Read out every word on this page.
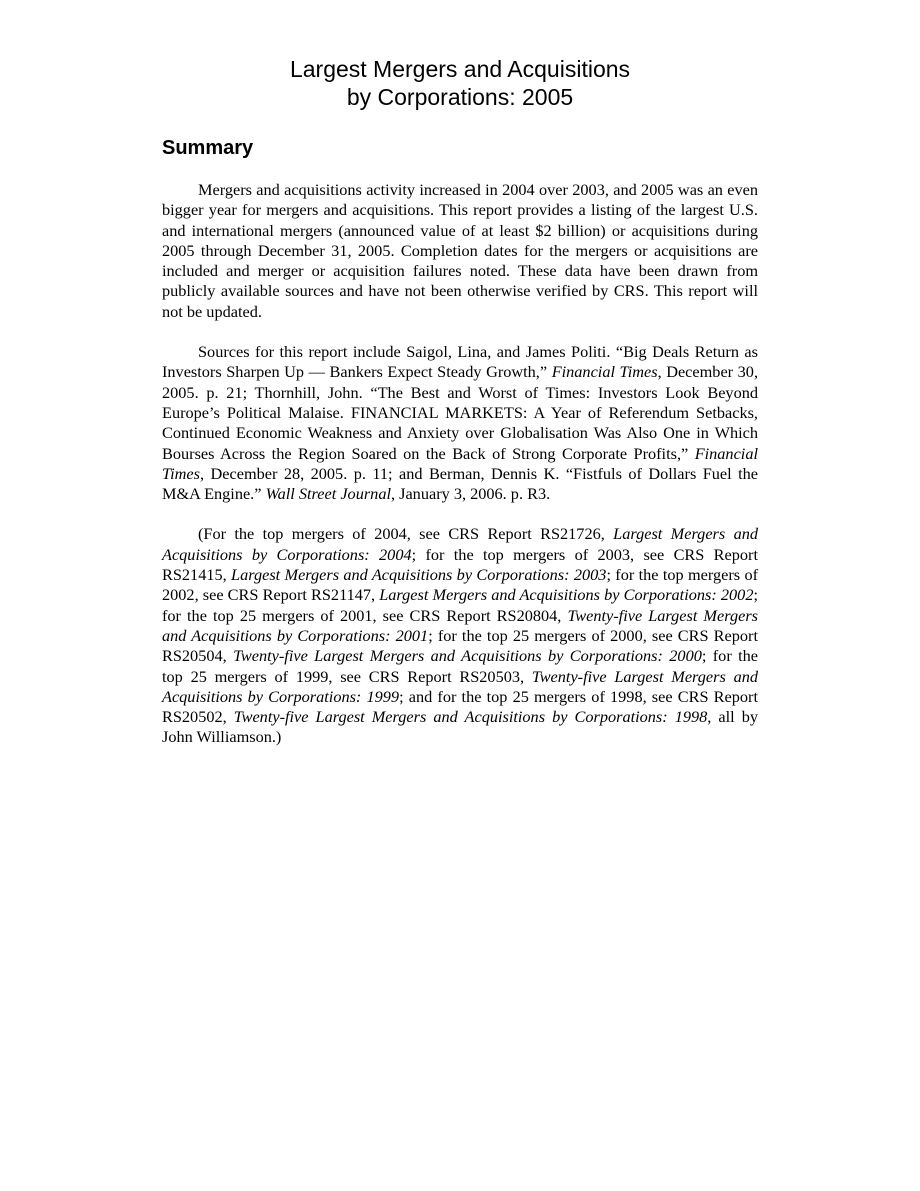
Largest Mergers and Acquisitions
by Corporations: 2005
Summary

Mergers and acquisitions activity increased in 2004 over 2003, and 2005 was an even bigger year for mergers and acquisitions. This report provides a listing of the largest U.S. and international mergers (announced value of at least $2 billion) or acquisitions during 2005 through December 31, 2005. Completion dates for the mergers or acquisitions are included and merger or acquisition failures noted. These data have been drawn from publicly available sources and have not been otherwise verified by CRS. This report will not be updated.

Sources for this report include Saigol, Lina, and James Politi. “Big Deals Return as Investors Sharpen Up — Bankers Expect Steady Growth,” Financial Times, December 30, 2005. p. 21; Thornhill, John. “The Best and Worst of Times: Investors Look Beyond Europe’s Political Malaise. FINANCIAL MARKETS: A Year of Referendum Setbacks, Continued Economic Weakness and Anxiety over Globalisation Was Also One in Which Bourses Across the Region Soared on the Back of Strong Corporate Profits,” Financial Times, December 28, 2005. p. 11; and Berman, Dennis K. “Fistfuls of Dollars Fuel the M&A Engine.” Wall Street Journal, January 3, 2006. p. R3.

(For the top mergers of 2004, see CRS Report RS21726, Largest Mergers and Acquisitions by Corporations: 2004; for the top mergers of 2003, see CRS Report RS21415, Largest Mergers and Acquisitions by Corporations: 2003; for the top mergers of 2002, see CRS Report RS21147, Largest Mergers and Acquisitions by Corporations: 2002; for the top 25 mergers of 2001, see CRS Report RS20804, Twenty-five Largest Mergers and Acquisitions by Corporations: 2001; for the top 25 mergers of 2000, see CRS Report RS20504, Twenty-five Largest Mergers and Acquisitions by Corporations: 2000; for the top 25 mergers of 1999, see CRS Report RS20503, Twenty-five Largest Mergers and Acquisitions by Corporations: 1999; and for the top 25 mergers of 1998, see CRS Report RS20502, Twenty-five Largest Mergers and Acquisitions by Corporations: 1998, all by John Williamson.)
